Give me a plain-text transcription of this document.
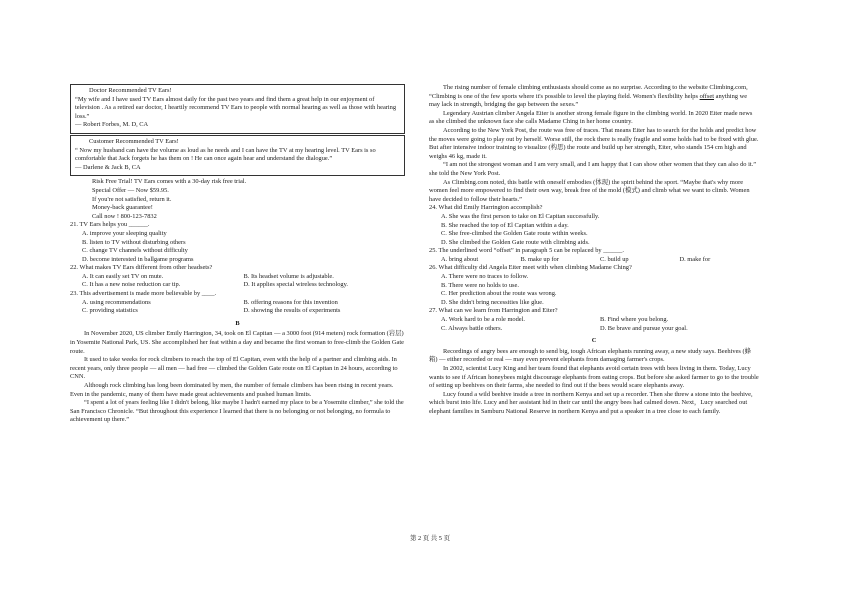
Doctor Recommended TV Ears!

“My wife and I have used TV Ears almost daily for the past two years and find them a great help in our enjoyment of television . As a retired ear doctor, I heartily recommend TV Ears to people with normal hearing as well as those with hearing loss.”

— Robert Forbes, M. D, CA

Customer Recommended TV Ears!

“ Now my husband can have the volume as loud as he needs and I can have the TV at my hearing level. TV Ears is so comfortable that Jack forgets he has them on ! He can once again hear and understand the dialogue.”

— Darlene & Jack B, CA

Risk Free Trial! TV Ears comes with a 30-day risk free trial.

Special Offer — Now $59.95.

If you're not satisfied, return it.

Money-back guarantee!

Call now ! 800-123-7832

21. TV Ears helps you ______.

A. improve your sleeping quality

B. listen to TV without disturbing others

C. change TV channels without difficulty

D. become interested in ballgame programs

22. What makes TV Ears different from other headsets?

A. It can easily set TV on mute.	B. Its headset volume is adjustable.
C. It has a new noise reduction car tip.	D. It applies special wireless technology.

23. This advertisement is made more believable by ____.

A. using recommendations	B. offering reasons for this invention
C. providing statistics	D. showing the results of experiments

B

In November 2020, US climber Emily Harrington, 34, took on El Capitan — a 3000 foot (914 meters) rock formation (岩层) in Yosemite National Park, US. She accomplished her feat within a day and became the first woman to free-climb the Golden Gate route.

It used to take weeks for rock climbers to reach the top of El Capitan, even with the help of a partner and climbing aids. In recent years, only three people — all men — had free — climbed the Golden Gate route on El Capitan in 24 hours, according to CNN.

Although rock climbing has long been dominated by men, the number of female climbers has been rising in recent years. Even in the pandemic, many of them have made great achievements and pushed human limits.

“I spent a lot of years feeling like I didn't belong, like maybe I hadn't earned my place to be a Yosemite climber,” she told the San Francisco Chronicle. “But throughout this experience I learned that there is no belonging or not belonging, no formula to achievement up there.”

The rising number of female climbing enthusiasts should come as no surprise. According to the website Climbing.com, “Climbing is one of the few sports where it's possible to level the playing field. Women's flexibility helps offset anything we may lack in strength, bridging the gap between the sexes.”

Legendary Austrian climber Angela Eiter is another strong female figure in the climbing world. In 2020 Eiter made news as she climbed the unknown face she calls Madame Ching in her home country.

According to the New York Post, the route was free of traces. That means Eiter has to search for the holds and predict how the moves were going to play out by herself. Worse still, the rock there is really fragile and some holds had to be fixed with glue. But after intensive indoor training to visualize (构思) the route and build up her strength, Eiter, who stands 154 cm high and weighs 46 kg, made it.

“I am not the strongest woman and I am very small, and I am happy that I can show other women that they can also do it.” she told the New York Post.

As Climbing.com noted, this battle with oneself embodies (体现) the spirit behind the sport. “Maybe that's why more women feel more empowered to find their own way, break free of the mold (模式) and climb what we want to climb. Women have decided to follow their hearts.”

24. What did Emily Harrington accomplish?

A. She was the first person to take on El Capitan successfully.

B. She reached the top of El Capitan within a day.

C. She free-climbed the Golden Gate route within weeks.

D. She climbed the Golden Gate route with climbing aids.

25. The underlined word “offset” in paragraph 5 can be replaced by ______.

A. bring about	B. make up for	C. build up	D. make for

26. What difficulty did Angela Eiter meet with when climbing Madame Ching?

A. There were no traces to follow.

B. There were no holds to use.

C. Her prediction about the route was wrong.

D. She didn't bring necessities like glue.

27. What can we learn from Harrington and Eiter?

A. Work hard to be a role model.	B. Find where you belong.
C. Always battle others.	D. Be brave and pursue your goal.

C

Recordings of angry bees are enough to send big, tough African elephants running away, a new study says. Beehives (蜂箱) — either recorded or real — may even prevent elephants from damaging farmer's crops.

In 2002, scientist Lucy King and her team found that elephants avoid certain trees with bees living in them. Today, Lucy wants to see if African honeybees might discourage elephants from eating crops. But before she asked farmer to go to the trouble of setting up beehives on their farms, she needed to find out if the bees would scare elephants away.

Lucy found a wild beehive inside a tree in northern Kenya and set up a recorder. Then she threw a stone into the beehive, which burst into life. Lucy and her assistant hid in their car until the angry bees had calmed down. Next，Lucy searched out elephant families in Samburu National Reserve in northern Kenya and put a speaker in a tree close to each family.

第 2 页 共 5 页
